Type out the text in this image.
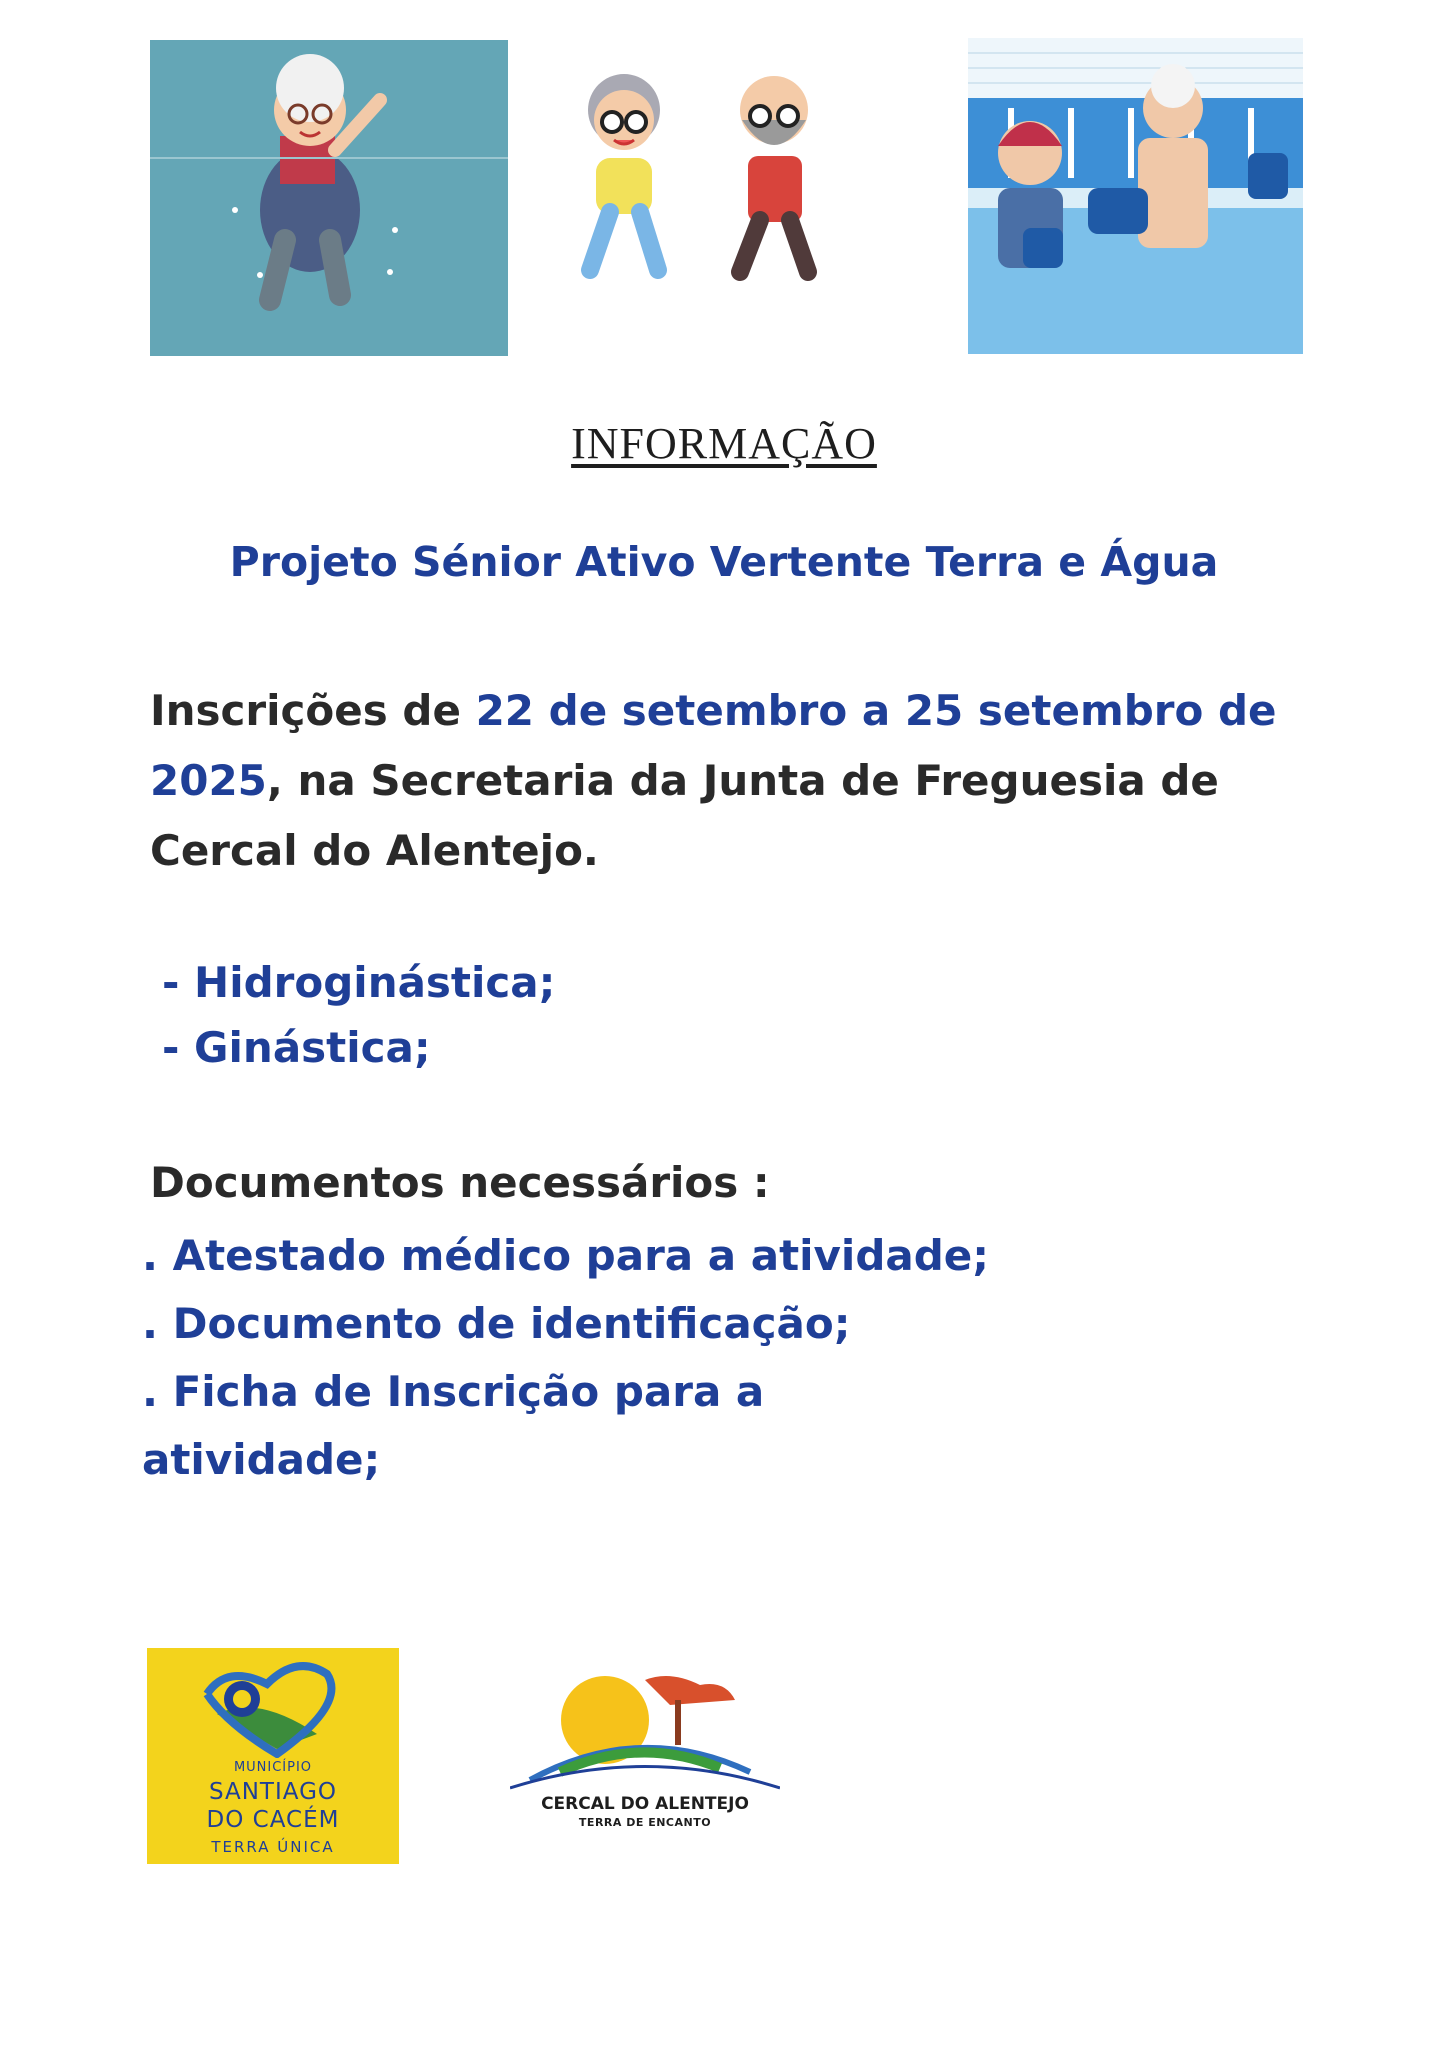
INFORMAÇÃO
Projeto Sénior Ativo Vertente Terra e Água

Inscrições de 22 de setembro a 25 setembro de 2025, na Secretaria da Junta de Freguesia de Cercal do Alentejo.

- Hidroginástica;
- Ginástica;
Documentos necessários :
. Atestado médico para a atividade;
. Documento de identificação;
. Ficha de Inscrição para a atividade;
MUNICÍPIO
SANTIAGO
DO CACÉM
TERRA ÚNICA
CERCAL DO ALENTEJO
TERRA DE ENCANTO
